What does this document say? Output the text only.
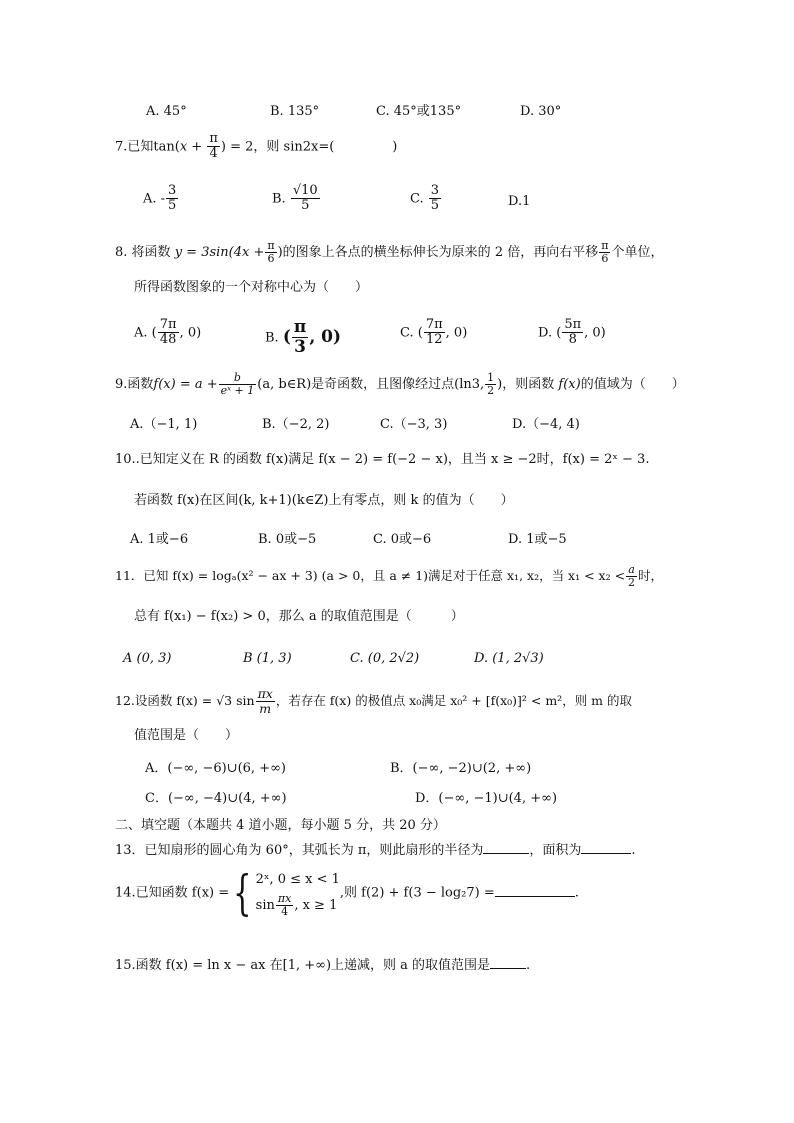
A. 45°	B. 135°	C. 45°或135°	D. 30°
7.已知$\tan(x + \frac{\pi}{4}$ ) = 2，则 sin2x=(	)
A. - $\frac{3}{5}$	B. $\frac{√10}{5}$	C. $\frac{3}{5}$	D.1
8. 将函数 $y = 3\sin(4x + \frac{\pi}{6}$ )的图象上各点的横坐标伸长为原来的 2 倍，再向右平移 $\frac{\pi}{6}$ 个单位，
所得函数图象的一个对称中心为（　　）
A. ( $\frac{7\pi}{48}$ , 0)	B. ( $\frac{\pi}{3}$ , 0)	C. ( $\frac{7\pi}{12}$ , 0)	D. ( $\frac{5\pi}{8}$ , 0)
9.函数$f(x) = a + \frac{b}{\text{eˣ + 1}} (a$, b∈R)是奇函数，且图像经过点(ln3, $\frac{1}{2}$ )，则函数 f(x)的值域为（　　）
A.（−1, 1)	B.（−2, 2)	C.（−3, 3)	D.（−4, 4)
10..已知定义在 R 的函数 f(x)满足 f(x − 2) = f(−2 − x)，且当 x ≥ −2时，f(x) = 2ˣ − 3.
若函数 f(x)在区间(k, k+1)(k∈Z)上有零点，则 k 的值为（　　）
A. 1或−6	B. 0或−5	C. 0或−6	D. 1或−5
11．已知 f(x) = logₐ(x² − ax + 3) (a > 0，且 a ≠ 1)满足对于任意 x₁, x₂，当 $x_1 < x_2 < \frac{a}{2}$ 时，
总有 f(x₁) − f(x₂) > 0，那么 a 的取值范围是（　　　）
A (0, 3)	B (1, 3)	C. (0, 2√2)	D. (1, 2√3)
12.设函数 f(x) = √3 $\sin \frac{\pi x}{m}$ ，若存在 f(x) 的极值点 x₀满足 x₀² + [f(x₀)]² < m²，则 m 的取
值范围是（　　）
A．(−∞, −6)∪(6, +∞)	B．(−∞, −2)∪(2, +∞)
C．(−∞, −4)∪(4, +∞)	D．(−∞, −1)∪(4, +∞)
二、填空题（本题共 4 道小题，每小题 5 分，共 20 分）
13．已知扇形的圆心角为 60°，其弧长为 π，则此扇形的半径为	，面积为	.
14.已知函数 f(x) ={ 2ˣ, 0 ≤ x < 1
$\sin \frac{\pi x}{4}$ , x ≥ 1
,则 f(2) + f(3 − log₂7) =	.
15.函数 f(x) = ln x − ax 在[1, +∞)上递减，则 a 的取值范围是	.
